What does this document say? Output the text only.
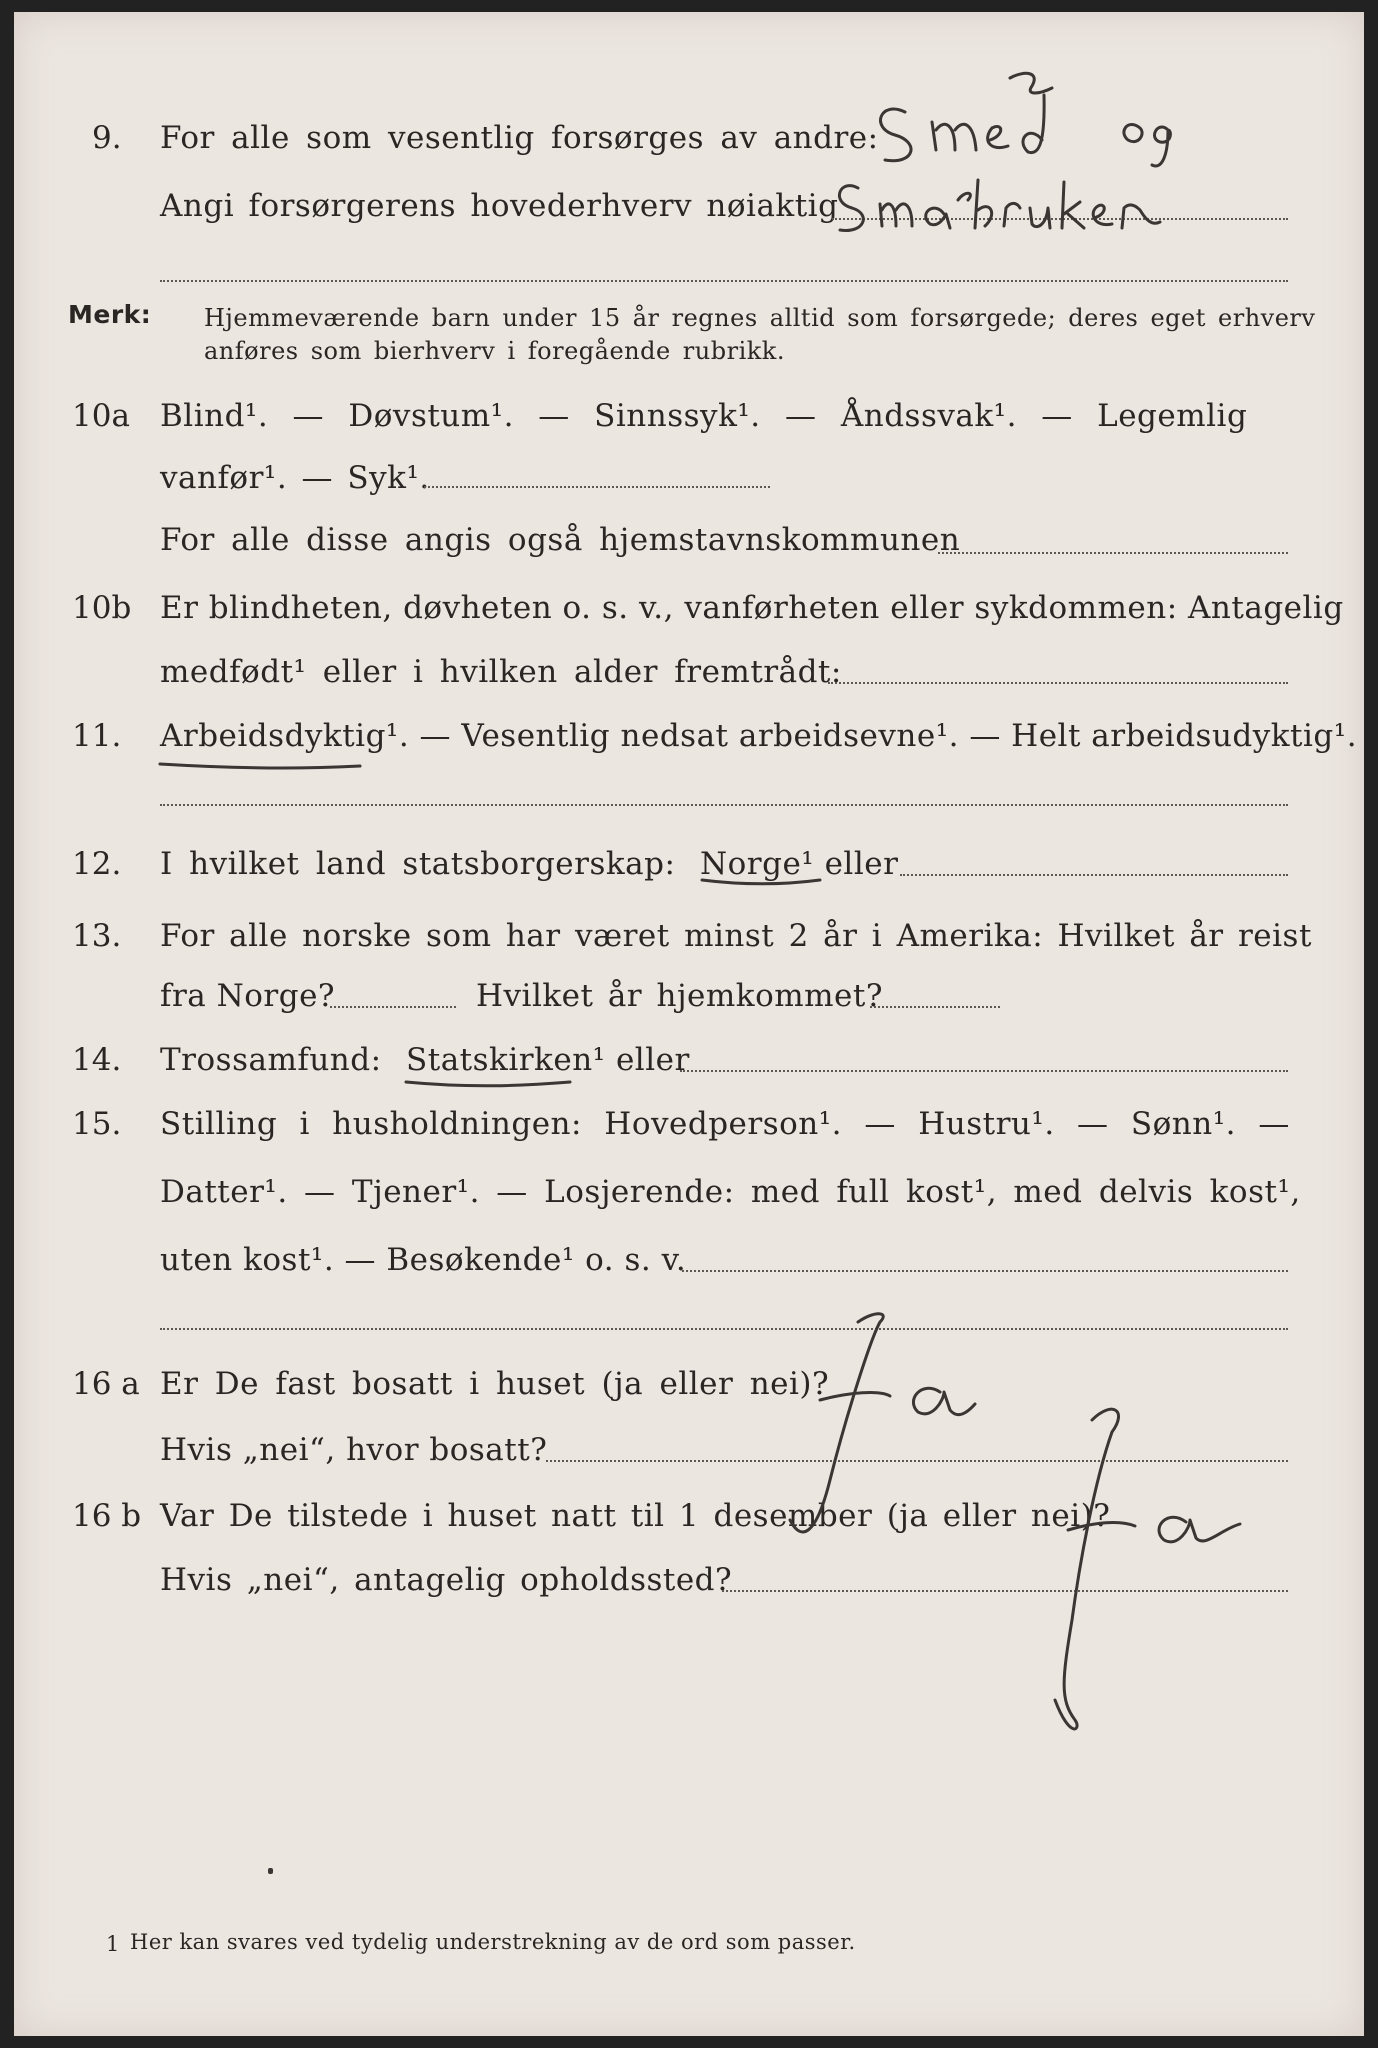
9. For alle som vesentlig forsørges av andre:
Angi forsørgerens hovederhverv nøiaktig
Merk: Hjemmeværende barn under 15 år regnes alltid som forsørgede; deres eget erhverv
anføres som bierhverv i foregående rubrikk.
10a Blind¹. — Døvstum¹. — Sinnssyk¹. — Åndssvak¹. — Legemlig
vanfør¹. — Syk¹.
For alle disse angis også hjemstavnskommunen
10b Er blindheten, døvheten o. s. v., vanførheten eller sykdommen: Antagelig
medfødt¹ eller i hvilken alder fremtrådt:
11. Arbeidsdyktig¹. — Vesentlig nedsat arbeidsevne¹. — Helt arbeidsudyktig¹.
12. I hvilket land statsborgerskap: Norge¹ eller
13. For alle norske som har været minst 2 år i Amerika: Hvilket år reist
fra Norge?	Hvilket år hjemkommet?
14. Trossamfund: Statskirken¹ eller
15. Stilling i husholdningen: Hovedperson¹. — Hustru¹. — Sønn¹. —
Datter¹. — Tjener¹. — Losjerende: med full kost¹, med delvis kost¹,
uten kost¹. — Besøkende¹ o. s. v.
16 a Er De fast bosatt i huset (ja eller nei)?
Hvis „nei“, hvor bosatt?
16 b Var De tilstede i huset natt til 1 desember (ja eller nei)?
Hvis „nei“, antagelig opholdssted?
1 Her kan svares ved tydelig understrekning av de ord som passer.
